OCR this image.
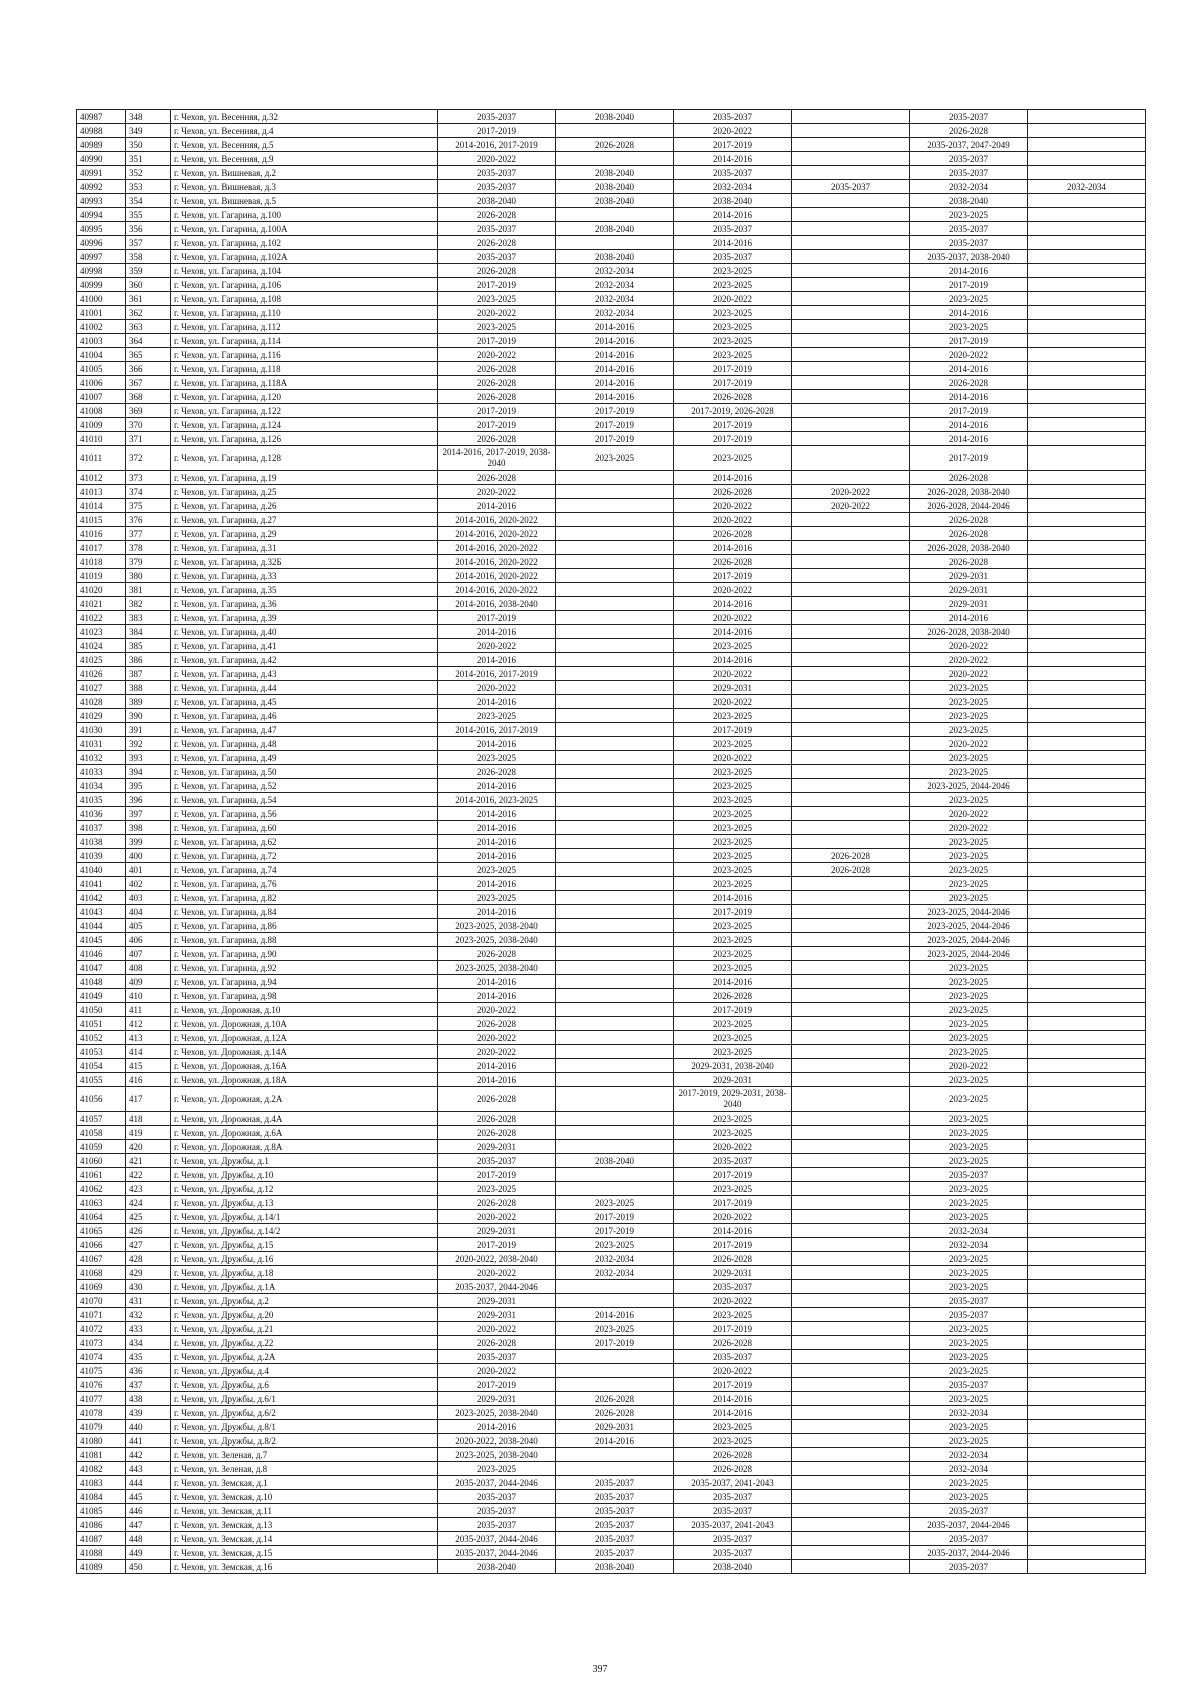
40987	348	г. Чехов, ул. Весенняя, д.32	2035-2037	2038-2040	2035-2037		2035-2037	
40988	349	г. Чехов, ул. Весенняя, д.4	2017-2019		2020-2022		2026-2028	
40989	350	г. Чехов, ул. Весенняя, д.5	2014-2016, 2017-2019	2026-2028	2017-2019		2035-2037, 2047-2049	
40990	351	г. Чехов, ул. Весенняя, д.9	2020-2022		2014-2016		2035-2037	
40991	352	г. Чехов, ул. Вишневая, д.2	2035-2037	2038-2040	2035-2037		2035-2037	
40992	353	г. Чехов, ул. Вишневая, д.3	2035-2037	2038-2040	2032-2034	2035-2037	2032-2034	2032-2034
40993	354	г. Чехов, ул. Вишневая, д.5	2038-2040	2038-2040	2038-2040		2038-2040	
40994	355	г. Чехов, ул. Гагарина, д.100	2026-2028		2014-2016		2023-2025	
40995	356	г. Чехов, ул. Гагарина, д.100А	2035-2037	2038-2040	2035-2037		2035-2037	
40996	357	г. Чехов, ул. Гагарина, д.102	2026-2028		2014-2016		2035-2037	
40997	358	г. Чехов, ул. Гагарина, д.102А	2035-2037	2038-2040	2035-2037		2035-2037, 2038-2040	
40998	359	г. Чехов, ул. Гагарина, д.104	2026-2028	2032-2034	2023-2025		2014-2016	
40999	360	г. Чехов, ул. Гагарина, д.106	2017-2019	2032-2034	2023-2025		2017-2019	
41000	361	г. Чехов, ул. Гагарина, д.108	2023-2025	2032-2034	2020-2022		2023-2025	
41001	362	г. Чехов, ул. Гагарина, д.110	2020-2022	2032-2034	2023-2025		2014-2016	
41002	363	г. Чехов, ул. Гагарина, д.112	2023-2025	2014-2016	2023-2025		2023-2025	
41003	364	г. Чехов, ул. Гагарина, д.114	2017-2019	2014-2016	2023-2025		2017-2019	
41004	365	г. Чехов, ул. Гагарина, д.116	2020-2022	2014-2016	2023-2025		2020-2022	
41005	366	г. Чехов, ул. Гагарина, д.118	2026-2028	2014-2016	2017-2019		2014-2016	
41006	367	г. Чехов, ул. Гагарина, д.118А	2026-2028	2014-2016	2017-2019		2026-2028	
41007	368	г. Чехов, ул. Гагарина, д.120	2026-2028	2014-2016	2026-2028		2014-2016	
41008	369	г. Чехов, ул. Гагарина, д.122	2017-2019	2017-2019	2017-2019, 2026-2028		2017-2019	
41009	370	г. Чехов, ул. Гагарина, д.124	2017-2019	2017-2019	2017-2019		2014-2016	
41010	371	г. Чехов, ул. Гагарина, д.126	2026-2028	2017-2019	2017-2019		2014-2016	
41011	372	г. Чехов, ул. Гагарина, д.128	2014-2016, 2017-2019, 2038-2040	2023-2025	2023-2025		2017-2019	
41012	373	г. Чехов, ул. Гагарина, д.19	2026-2028		2014-2016		2026-2028	
41013	374	г. Чехов, ул. Гагарина, д.25	2020-2022		2026-2028	2020-2022	2026-2028, 2038-2040	
41014	375	г. Чехов, ул. Гагарина, д.26	2014-2016		2020-2022	2020-2022	2026-2028, 2044-2046	
41015	376	г. Чехов, ул. Гагарина, д.27	2014-2016, 2020-2022		2020-2022		2026-2028	
41016	377	г. Чехов, ул. Гагарина, д.29	2014-2016, 2020-2022		2026-2028		2026-2028	
41017	378	г. Чехов, ул. Гагарина, д.31	2014-2016, 2020-2022		2014-2016		2026-2028, 2038-2040	
41018	379	г. Чехов, ул. Гагарина, д.32Б	2014-2016, 2020-2022		2026-2028		2026-2028	
41019	380	г. Чехов, ул. Гагарина, д.33	2014-2016, 2020-2022		2017-2019		2029-2031	
41020	381	г. Чехов, ул. Гагарина, д.35	2014-2016, 2020-2022		2020-2022		2029-2031	
41021	382	г. Чехов, ул. Гагарина, д.36	2014-2016, 2038-2040		2014-2016		2029-2031	
41022	383	г. Чехов, ул. Гагарина, д.39	2017-2019		2020-2022		2014-2016	
41023	384	г. Чехов, ул. Гагарина, д.40	2014-2016		2014-2016		2026-2028, 2038-2040	
41024	385	г. Чехов, ул. Гагарина, д.41	2020-2022		2023-2025		2020-2022	
41025	386	г. Чехов, ул. Гагарина, д.42	2014-2016		2014-2016		2020-2022	
41026	387	г. Чехов, ул. Гагарина, д.43	2014-2016, 2017-2019		2020-2022		2020-2022	
41027	388	г. Чехов, ул. Гагарина, д.44	2020-2022		2029-2031		2023-2025	
41028	389	г. Чехов, ул. Гагарина, д.45	2014-2016		2020-2022		2023-2025	
41029	390	г. Чехов, ул. Гагарина, д.46	2023-2025		2023-2025		2023-2025	
41030	391	г. Чехов, ул. Гагарина, д.47	2014-2016, 2017-2019		2017-2019		2023-2025	
41031	392	г. Чехов, ул. Гагарина, д.48	2014-2016		2023-2025		2020-2022	
41032	393	г. Чехов, ул. Гагарина, д.49	2023-2025		2020-2022		2023-2025	
41033	394	г. Чехов, ул. Гагарина, д.50	2026-2028		2023-2025		2023-2025	
41034	395	г. Чехов, ул. Гагарина, д.52	2014-2016		2023-2025		2023-2025, 2044-2046	
41035	396	г. Чехов, ул. Гагарина, д.54	2014-2016, 2023-2025		2023-2025		2023-2025	
41036	397	г. Чехов, ул. Гагарина, д.56	2014-2016		2023-2025		2020-2022	
41037	398	г. Чехов, ул. Гагарина, д.60	2014-2016		2023-2025		2020-2022	
41038	399	г. Чехов, ул. Гагарина, д.62	2014-2016		2023-2025		2023-2025	
41039	400	г. Чехов, ул. Гагарина, д.72	2014-2016		2023-2025	2026-2028	2023-2025	
41040	401	г. Чехов, ул. Гагарина, д.74	2023-2025		2023-2025	2026-2028	2023-2025	
41041	402	г. Чехов, ул. Гагарина, д.76	2014-2016		2023-2025		2023-2025	
41042	403	г. Чехов, ул. Гагарина, д.82	2023-2025		2014-2016		2023-2025	
41043	404	г. Чехов, ул. Гагарина, д.84	2014-2016		2017-2019		2023-2025, 2044-2046	
41044	405	г. Чехов, ул. Гагарина, д.86	2023-2025, 2038-2040		2023-2025		2023-2025, 2044-2046	
41045	406	г. Чехов, ул. Гагарина, д.88	2023-2025, 2038-2040		2023-2025		2023-2025, 2044-2046	
41046	407	г. Чехов, ул. Гагарина, д.90	2026-2028		2023-2025		2023-2025, 2044-2046	
41047	408	г. Чехов, ул. Гагарина, д.92	2023-2025, 2038-2040		2023-2025		2023-2025	
41048	409	г. Чехов, ул. Гагарина, д.94	2014-2016		2014-2016		2023-2025	
41049	410	г. Чехов, ул. Гагарина, д.98	2014-2016		2026-2028		2023-2025	
41050	411	г. Чехов, ул. Дорожная, д.10	2020-2022		2017-2019		2023-2025	
41051	412	г. Чехов, ул. Дорожная, д.10А	2026-2028		2023-2025		2023-2025	
41052	413	г. Чехов, ул. Дорожная, д.12А	2020-2022		2023-2025		2023-2025	
41053	414	г. Чехов, ул. Дорожная, д.14А	2020-2022		2023-2025		2023-2025	
41054	415	г. Чехов, ул. Дорожная, д.16А	2014-2016		2029-2031, 2038-2040		2020-2022	
41055	416	г. Чехов, ул. Дорожная, д.18А	2014-2016		2029-2031		2023-2025	
41056	417	г. Чехов, ул. Дорожная, д.2А	2026-2028		2017-2019, 2029-2031, 2038-2040		2023-2025	
41057	418	г. Чехов, ул. Дорожная, д.4А	2026-2028		2023-2025		2023-2025	
41058	419	г. Чехов, ул. Дорожная, д.6А	2026-2028		2023-2025		2023-2025	
41059	420	г. Чехов, ул. Дорожная, д.8А	2029-2031		2020-2022		2023-2025	
41060	421	г. Чехов, ул. Дружбы, д.1	2035-2037	2038-2040	2035-2037		2023-2025	
41061	422	г. Чехов, ул. Дружбы, д.10	2017-2019		2017-2019		2035-2037	
41062	423	г. Чехов, ул. Дружбы, д.12	2023-2025		2023-2025		2023-2025	
41063	424	г. Чехов, ул. Дружбы, д.13	2026-2028	2023-2025	2017-2019		2023-2025	
41064	425	г. Чехов, ул. Дружбы, д.14/1	2020-2022	2017-2019	2020-2022		2023-2025	
41065	426	г. Чехов, ул. Дружбы, д.14/2	2029-2031	2017-2019	2014-2016		2032-2034	
41066	427	г. Чехов, ул. Дружбы, д.15	2017-2019	2023-2025	2017-2019		2032-2034	
41067	428	г. Чехов, ул. Дружбы, д.16	2020-2022, 2038-2040	2032-2034	2026-2028		2023-2025	
41068	429	г. Чехов, ул. Дружбы, д.18	2020-2022	2032-2034	2029-2031		2023-2025	
41069	430	г. Чехов, ул. Дружбы, д.1А	2035-2037, 2044-2046		2035-2037		2023-2025	
41070	431	г. Чехов, ул. Дружбы, д.2	2029-2031		2020-2022		2035-2037	
41071	432	г. Чехов, ул. Дружбы, д.20	2029-2031	2014-2016	2023-2025		2035-2037	
41072	433	г. Чехов, ул. Дружбы, д.21	2020-2022	2023-2025	2017-2019		2023-2025	
41073	434	г. Чехов, ул. Дружбы, д.22	2026-2028	2017-2019	2026-2028		2023-2025	
41074	435	г. Чехов, ул. Дружбы, д.2А	2035-2037		2035-2037		2023-2025	
41075	436	г. Чехов, ул. Дружбы, д.4	2020-2022		2020-2022		2023-2025	
41076	437	г. Чехов, ул. Дружбы, д.6	2017-2019		2017-2019		2035-2037	
41077	438	г. Чехов, ул. Дружбы, д.6/1	2029-2031	2026-2028	2014-2016		2023-2025	
41078	439	г. Чехов, ул. Дружбы, д.6/2	2023-2025, 2038-2040	2026-2028	2014-2016		2032-2034	
41079	440	г. Чехов, ул. Дружбы, д.8/1	2014-2016	2029-2031	2023-2025		2023-2025	
41080	441	г. Чехов, ул. Дружбы, д.8/2	2020-2022, 2038-2040	2014-2016	2023-2025		2023-2025	
41081	442	г. Чехов, ул. Зеленая, д.7	2023-2025, 2038-2040		2026-2028		2032-2034	
41082	443	г. Чехов, ул. Зеленая, д.8	2023-2025		2026-2028		2032-2034	
41083	444	г. Чехов, ул. Земская, д.1	2035-2037, 2044-2046	2035-2037	2035-2037, 2041-2043		2023-2025	
41084	445	г. Чехов, ул. Земская, д.10	2035-2037	2035-2037	2035-2037		2023-2025	
41085	446	г. Чехов, ул. Земская, д.11	2035-2037	2035-2037	2035-2037		2035-2037	
41086	447	г. Чехов, ул. Земская, д.13	2035-2037	2035-2037	2035-2037, 2041-2043		2035-2037, 2044-2046	
41087	448	г. Чехов, ул. Земская, д.14	2035-2037, 2044-2046	2035-2037	2035-2037		2035-2037	
41088	449	г. Чехов, ул. Земская, д.15	2035-2037, 2044-2046	2035-2037	2035-2037		2035-2037, 2044-2046	
41089	450	г. Чехов, ул. Земская, д.16	2038-2040	2038-2040	2038-2040		2035-2037	
397
